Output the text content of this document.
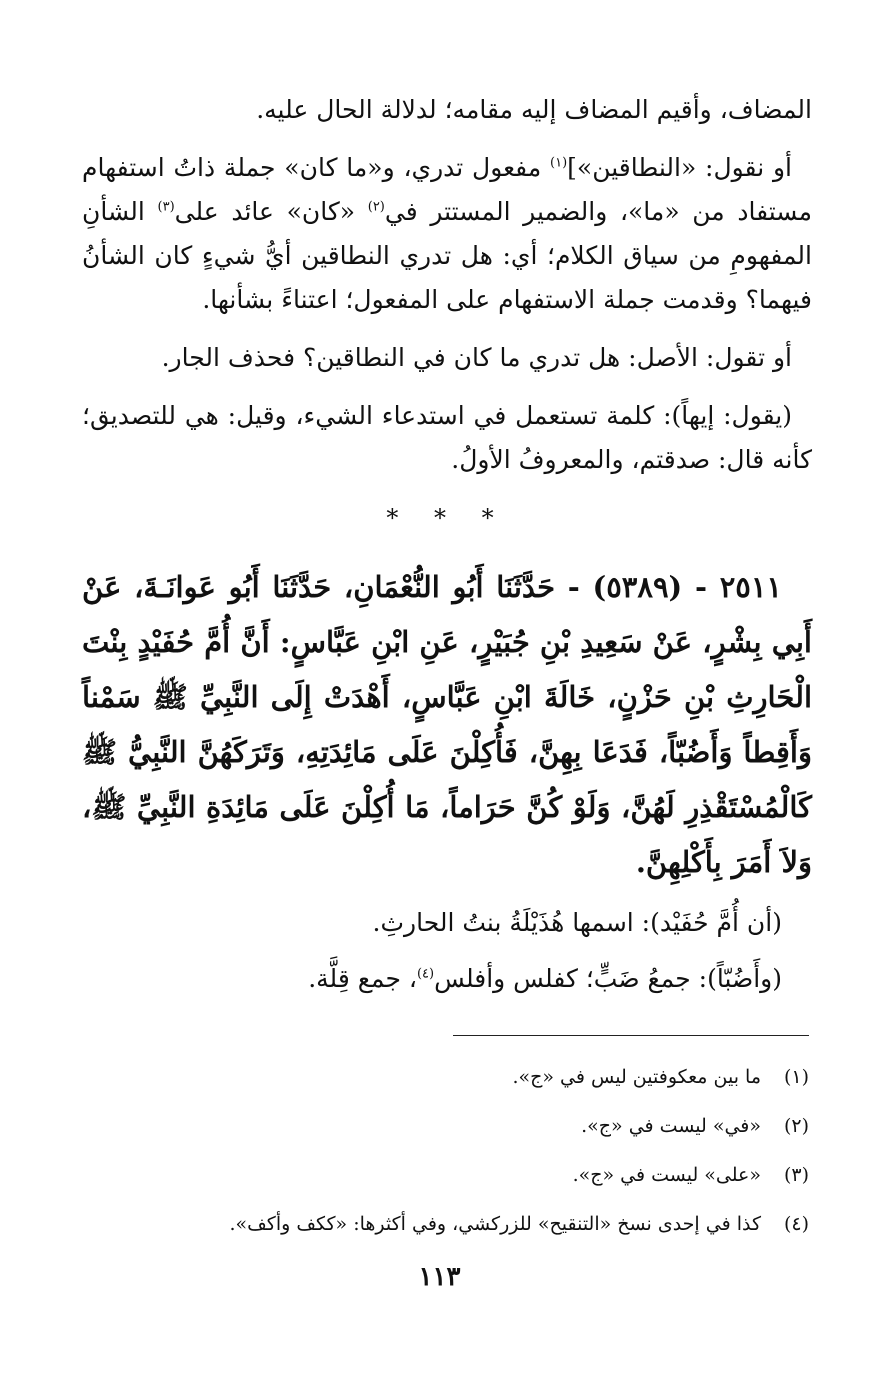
المضاف، وأقيم المضاف إليه مقامه؛ لدلالة الحال عليه.

أو نقول: «النطاقين»]$^{(١)}$ مفعول تدري، و«ما كان» جملة ذاتُ استفهام مستفاد من «ما»، والضمير المستتر في$^{(٢)}$ «كان» عائد على$^{(٣)}$ الشأنِ المفهومِ من سياق الكلام؛ أي: هل تدري النطاقين أيُّ شيءٍ كان الشأنُ فيهما؟ وقدمت جملة الاستفهام على المفعول؛ اعتناءً بشأنها.

أو تقول: الأصل: هل تدري ما كان في النطاقين؟ فحذف الجار.

(يقول: إيهاً): كلمة تستعمل في استدعاء الشيء، وقيل: هي للتصديق؛ كأنه قال: صدقتم، والمعروفُ الأولُ.

* * *

٢٥١١ - (٥٣٨٩) - حَدَّثَنَا أَبُو النُّعْمَانِ، حَدَّثَنَا أَبُو عَوانَـةَ، عَنْ أَبِي بِشْرٍ، عَنْ سَعِيدِ بْنِ جُبَيْرٍ، عَنِ ابْنِ عَبَّاسٍ: أَنَّ أُمَّ حُفَيْدٍ بِنْتَ الْحَارِثِ بْنِ حَزْنٍ، خَالَةَ ابْنِ عَبَّاسٍ، أَهْدَتْ إِلَى النَّبِيِّ ﷺ سَمْناً وَأَقِطاً وَأَضُبّاً، فَدَعَا بِهِنَّ، فَأُكِلْنَ عَلَى مَائِدَتِهِ، وَتَرَكَهُنَّ النَّبِيُّ ﷺ كَالْمُسْتَقْذِرِ لَهُنَّ، وَلَوْ كُنَّ حَرَاماً، مَا أُكِلْنَ عَلَى مَائِدَةِ النَّبِيِّ ﷺ، وَلاَ أَمَرَ بِأَكْلِهِنَّ.

(أن أُمَّ حُفَيْد): اسمها هُذَيْلَةُ بنتُ الحارثِ.

(وأَضُبّاً): جمعُ ضَبٍّ؛ كفلس وأفلس$^{(٤)}$، جمع قِلَّة.

(١)ما بين معكوفتين ليس في «ج».
(٢)«في» ليست في «ج».
(٣)«على» ليست في «ج».
(٤)كذا في إحدى نسخ «التنقيح» للزركشي، وفي أكثرها: «ككف وأكف».
١١٣
